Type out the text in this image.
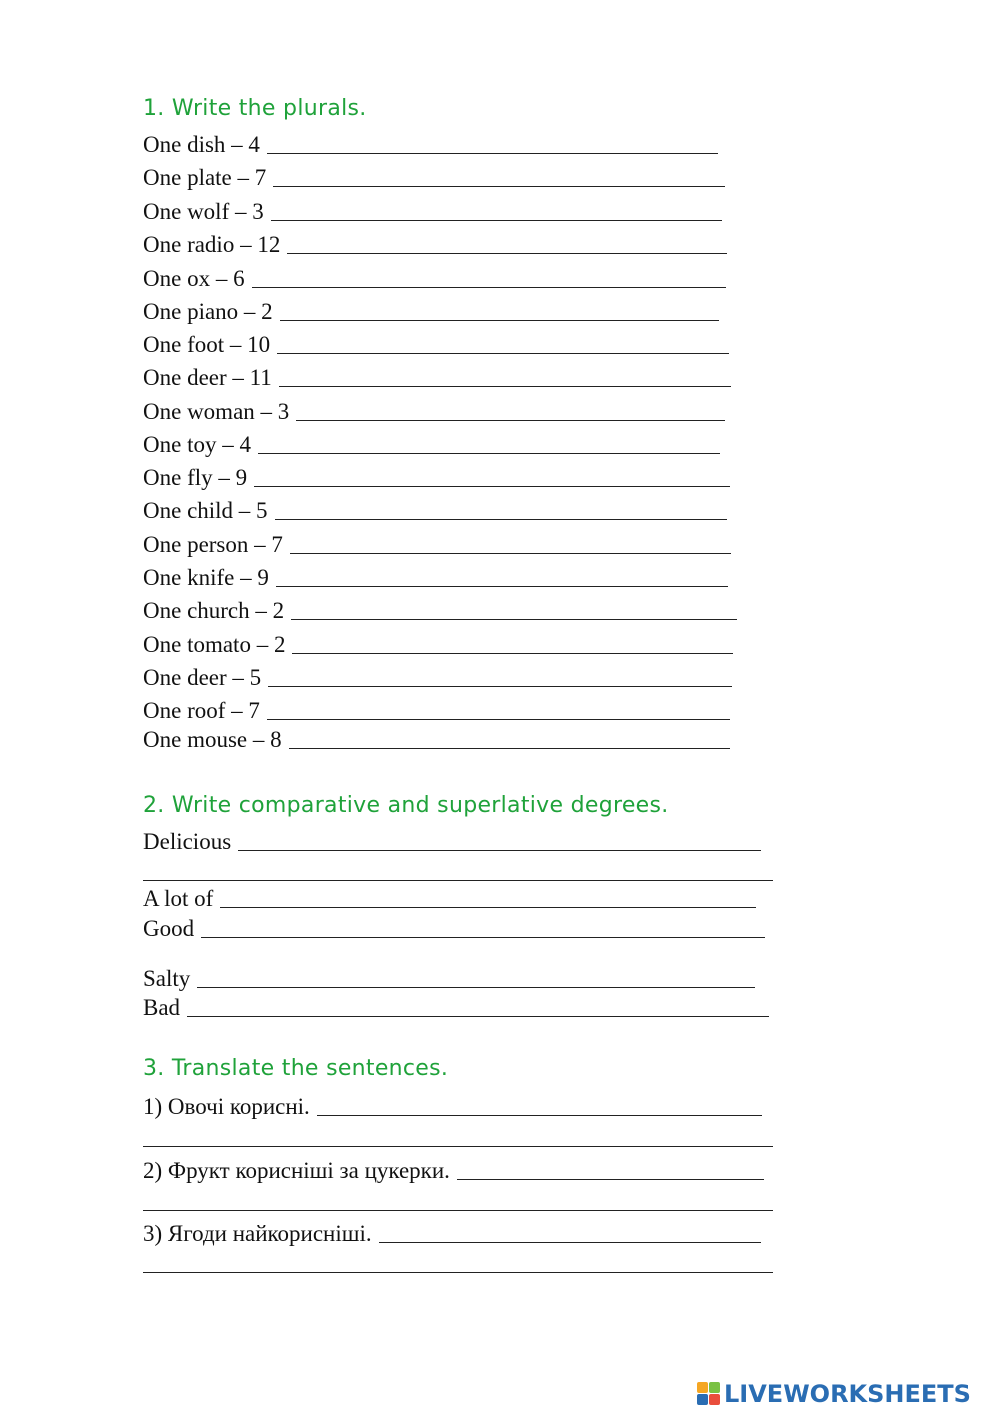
1. Write the plurals.
One dish – 4
One plate – 7
One wolf – 3
One radio – 12
One ox – 6
One piano – 2
One foot – 10
One deer – 11
One woman – 3
One toy – 4
One fly – 9
One child – 5
One person – 7
One knife – 9
One church – 2
One tomato – 2
One deer – 5
One roof – 7
One mouse – 8
2. Write comparative and superlative degrees.
Delicious
A lot of
Good
Salty
Bad
3. Translate the sentences.
1) Овочі корисні.
2) Фрукт корисніші за цукерки.
3) Ягоди найкорисніші.
LIVEWORKSHEETS
